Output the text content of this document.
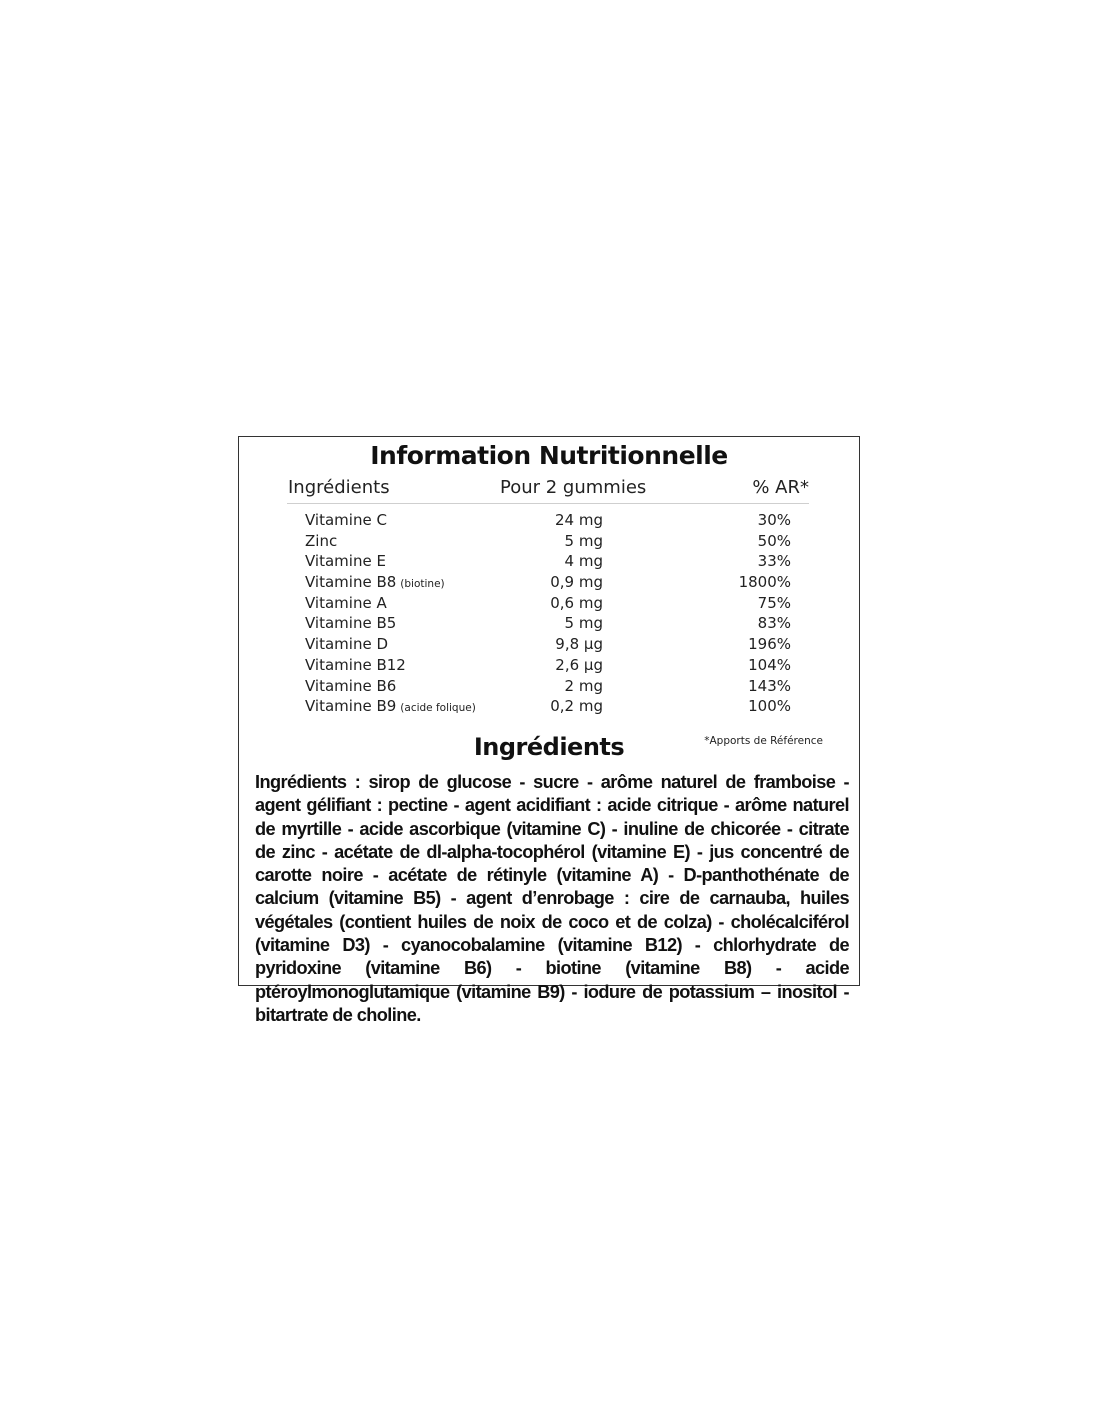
Information Nutritionnelle
Ingrédients	Pour 2 gummies	% AR*
Vitamine C	24 mg	30%
Zinc	5 mg	50%
Vitamine E	4 mg	33%
Vitamine B8 (biotine)	0,9 mg	1800%
Vitamine A	0,6 mg	75%
Vitamine B5	5 mg	83%
Vitamine D	9,8 µg	196%
Vitamine B12	2,6 µg	104%
Vitamine B6	2 mg	143%
Vitamine B9 (acide folique)	0,2 mg	100%
Ingrédients	*Apports de Référence
Ingrédients : sirop de glucose - sucre - arôme naturel de framboise - agent gélifiant : pectine - agent acidifiant : acide citrique - arôme naturel de myrtille - acide ascorbique (vitamine C) - inuline de chicorée - citrate de zinc - acétate de dl-alpha-tocophérol (vitamine E) - jus concentré de carotte noire - acétate de rétinyle (vitamine A) - D-panthothénate de calcium (vitamine B5) - agent d’enrobage : cire de carnauba, huiles végétales (contient huiles de noix de coco et de colza) - cholécalciférol (vitamine D3) - cyanocobalamine (vitamine B12) - chlorhydrate de pyridoxine (vitamine B6) - biotine (vitamine B8) - acide ptéroylmonoglutamique (vitamine B9) - iodure de potassium – inositol - bitartrate de choline.
